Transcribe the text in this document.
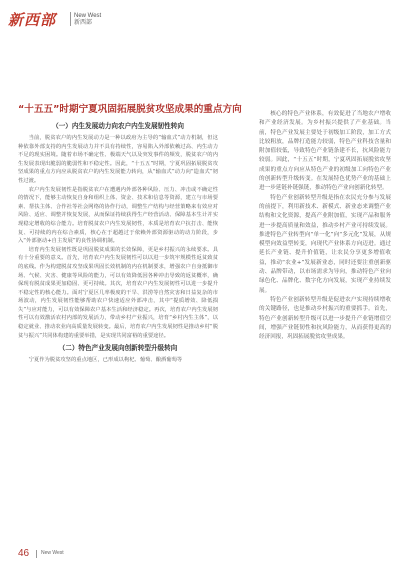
新西部	New West
新西部
“十五五”时期宁夏巩固拓展脱贫攻坚成果的重点方向
（一）内生发展动力向农户内生发展韧性转向

当前，脱贫农户的内生发展动力是一种以政府为主导的“输血式”动力机制，但这种依靠外部支持的内生发展动力并不具有持续性，容易陷入外部依赖过高、内生动力不足的现实困境。随着市场不确定性、极端天气以及突发事件的频发，脱贫农户的内生发展表现出脆弱的脆弱性和不稳定性。因此，“十五五”时期，宁夏巩固拓展脱贫攻坚成果的重点方向应从脱贫农户的内生发展能力转向，从“输血式”动力向“造血式”韧性过渡。

农户内生发展韧性是指脱贫农户在遭遇内外部各种风险、压力、冲击或不确定性的情况下，能够主动恢复自身和组织上体、资金、技术和信息等资源，建立与市场要素、帮扶主体、合作社等社会网络的协作行动，调整生产结构与经营策略来有效应对风险、适应、调整并恢复发展，从而保证持续获得生产经营活动、保障基本生计并实现稳定增收的综合能力。培育脱贫农户内生发展韧性，本质是培育农户抗打击、能恢复、可持续的内在综合素质，核心在于超越过于依赖外部资源驱动的动力阶段，步入“外部驱动+自主发展”的良性协调机制。

培育内生发展韧性既是巩固脱贫成果的长效保障，更是乡村振兴的永续要求。具有十分重要的意义。首先，培育农户内生发展韧性可以以进一步筑牢规模性返贫致贫的底线。作为构建脱贫攻坚成果巩固长效机制的内在机制要求，增强农户自身抵御市场、气候、灾害、健康等风险的能力，可以有效降低因各种冲击导致的返贫概率，确保现有脱贫成果更加稳固、更可持续。其次，培育农户内生发展韧性可以进一步提升不稳定性的核心能力。面对宁夏区几率极度的干旱、洪涝等自然灾害和日益复杂的市场波动，内生发展韧性能够帮助农户快速适应外部冲击，其中“提质增效、降低损失”与应对能力，可以有效保障农户基本生活和经济稳定。再次，培育农户内生发展韧性可以有效激活农村内部的发展活力，带动乡村产业振兴，培育“乡村内生主体”，以稳定就业、推动农业向高质量发展转变。最后，培育农户内生发展韧性是推动乡村“脱贫与振兴”共同体构建的重要举措，是实现共同富裕的重要途径。

（二）特色产业发展向创新转型升级转向

宁夏作为脱贫攻坚的重点地区，已形成以枸杞、葡萄、酿酒葡萄等

核心的特色产业体系，有效促进了当地农户增收和产业经济发展。为乡村振兴提供了产业基础。当前，特色产业发展主要处于初级加工阶段，加工方式比较粗放，品牌打造能力较弱，特色产业科技含量和附加值较低，导致特色产业链条建不长，抗风险能力较弱。因此，“十五五”时期，宁夏巩固拓展脱贫攻坚成果的重点方向应从特色产业的初级加工向特色产业的创新转型升级转变。在发展特色优势产业的基础上进一步延链补链强链，推动特色产业向创新化转型。

特色产业创新转型升级是指在农民充分参与发展的前提下，利用新技术、新模式、新业态来调整产业结构和文化资源，提高产业附加值，实现产品和服务进一步提高质量和效益，推动乡村产业可持续发展。推进特色产业转型向“单一化”向“多元化”发展，从规模型向效益型转变，向现代产业体系方向迈进。通过延长产业链、提升价值链，让农民分享更多增值收益，推动“农业+”发展新业态，同时还要注重创新驱动、品牌带动，以市场需求为导向，推动特色产业向绿色化、品牌化、数字化方向发展，实现产业持续发展。

特色产业创新转型升级是促进农户实现持续增收的关键路径，也是推动乡村振兴的重要抓手。首先，特色产业创新转型升级可以进一步提升产业链增值空间，增强产业链韧性和抗风险能力，从而获得更高的经济回报，巩固拓展脱贫攻坚成果。

46 New West
